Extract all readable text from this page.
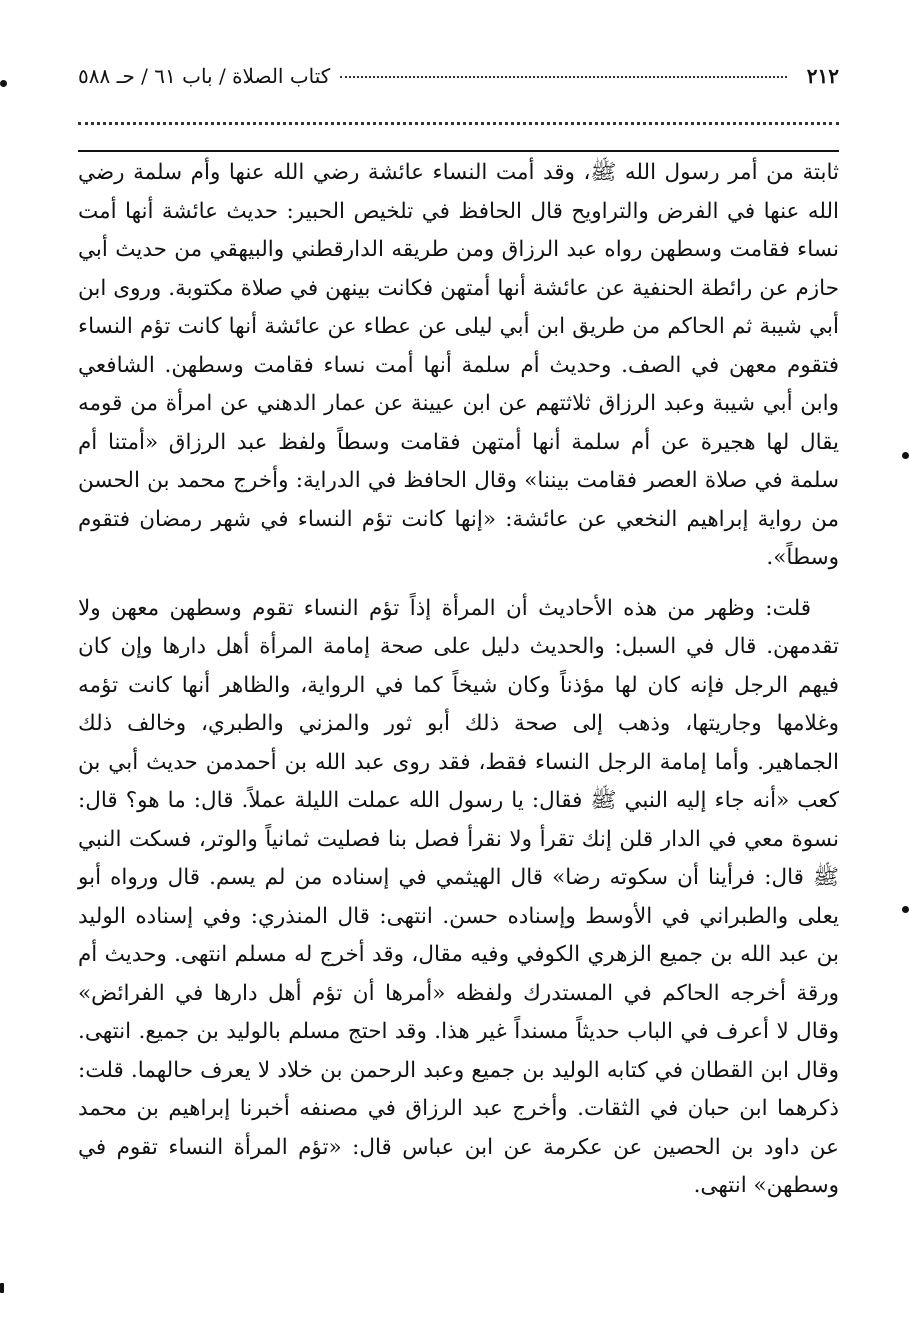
٢١٢
كتاب الصلاة / باب ٦١ / حـ ٥٨٨

ثابتة من أمر رسول الله ﷺ، وقد أمت النساء عائشة رضي الله عنها وأم سلمة رضي الله عنها في الفرض والتراويح قال الحافظ في تلخيص الحبير: حديث عائشة أنها أمت نساء فقامت وسطهن رواه عبد الرزاق ومن طريقه الدارقطني والبيهقي من حديث أبي حازم عن رائطة الحنفية عن عائشة أنها أمتهن فكانت بينهن في صلاة مكتوبة. وروى ابن أبي شيبة ثم الحاكم من طريق ابن أبي ليلى عن عطاء عن عائشة أنها كانت تؤم النساء فتقوم معهن في الصف. وحديث أم سلمة أنها أمت نساء فقامت وسطهن. الشافعي وابن أبي شيبة وعبد الرزاق ثلاثتهم عن ابن عيينة عن عمار الدهني عن امرأة من قومه يقال لها هجيرة عن أم سلمة أنها أمتهن فقامت وسطاً ولفظ عبد الرزاق «أمتنا أم سلمة في صلاة العصر فقامت بيننا» وقال الحافظ في الدراية: وأخرج محمد بن الحسن من رواية إبراهيم النخعي عن عائشة: «إنها كانت تؤم النساء في شهر رمضان فتقوم وسطاً».

قلت: وظهر من هذه الأحاديث أن المرأة إذاً تؤم النساء تقوم وسطهن معهن ولا تقدمهن. قال في السبل: والحديث دليل على صحة إمامة المرأة أهل دارها وإن كان فيهم الرجل فإنه كان لها مؤذناً وكان شيخاً كما في الرواية، والظاهر أنها كانت تؤمه وغلامها وجاريتها، وذهب إلى صحة ذلك أبو ثور والمزني والطبري، وخالف ذلك الجماهير. وأما إمامة الرجل النساء فقط، فقد روى عبد الله بن أحمدمن حديث أبي بن كعب «أنه جاء إليه النبي ﷺ فقال: يا رسول الله عملت الليلة عملاً. قال: ما هو؟ قال: نسوة معي في الدار قلن إنك تقرأ ولا نقرأ فصل بنا فصليت ثمانياً والوتر، فسكت النبي ﷺ قال: فرأينا أن سكوته رضا» قال الهيثمي في إسناده من لم يسم. قال ورواه أبو يعلى والطبراني في الأوسط وإسناده حسن. انتهى: قال المنذري: وفي إسناده الوليد بن عبد الله بن جميع الزهري الكوفي وفيه مقال، وقد أخرج له مسلم انتهى. وحديث أم ورقة أخرجه الحاكم في المستدرك ولفظه «أمرها أن تؤم أهل دارها في الفرائض» وقال لا أعرف في الباب حديثاً مسنداً غير هذا. وقد احتج مسلم بالوليد بن جميع. انتهى. وقال ابن القطان في كتابه الوليد بن جميع وعبد الرحمن بن خلاد لا يعرف حالهما. قلت: ذكرهما ابن حبان في الثقات. وأخرج عبد الرزاق في مصنفه أخبرنا إبراهيم بن محمد عن داود بن الحصين عن عكرمة عن ابن عباس قال: «تؤم المرأة النساء تقوم في وسطهن» انتهى.
